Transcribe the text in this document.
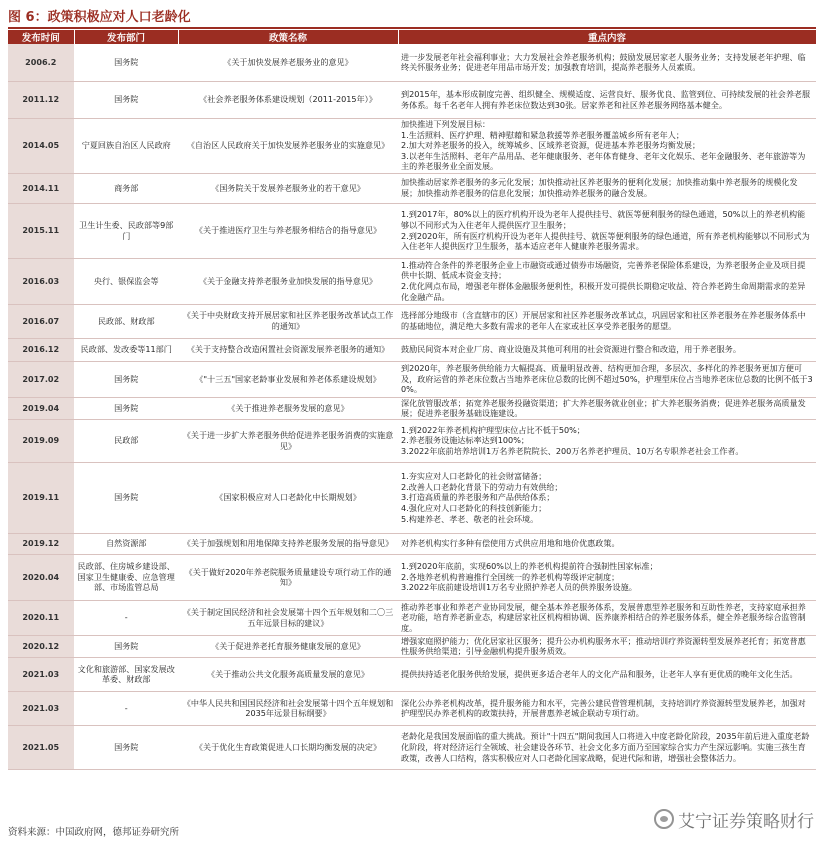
图 6：政策积极应对人口老龄化
发布时间	发布部门	政策名称	重点内容
2006.2	国务院	《关于加快发展养老服务业的意见》	进一步发展老年社会福利事业；大力发展社会养老服务机构；鼓励发展居家老人服务业务；支持发展老年护理、临终关怀服务业务；促进老年用品市场开发；加强教育培训，提高养老服务人员素质。

2011.12	国务院	《社会养老服务体系建设规划（2011-2015年）》	到2015年，基本形成制度完善、组织健全、规模适度、运营良好、服务优良、监管到位、可持续发展的社会养老服务体系。每千名老年人拥有养老床位数达到30张。居家养老和社区养老服务网络基本健全。

2014.05	宁夏回族自治区人民政府	《自治区人民政府关于加快发展养老服务业的实施意见》	加快推进下列发展目标：
1.生活照料、医疗护理、精神慰藉和紧急救援等养老服务覆盖城乡所有老年人；
2.加大对养老服务的投入，统筹城乡、区域养老资源，促进基本养老服务均衡发展；
3.以老年生活照料、老年产品用品、老年健康服务、老年体育健身、老年文化娱乐、老年金融服务、老年旅游等为主的养老服务业全面发展。

2014.11	商务部	《国务院关于发展养老服务业的若干意见》	加快推动居家养老服务的多元化发展；加快推动社区养老服务的便利化发展；加快推动集中养老服务的规模化发展；加快推动养老服务的信息化发展；加快推动养老服务的融合发展。

2015.11	卫生计生委、民政部等9部门	《关于推进医疗卫生与养老服务相结合的指导意见》	1.到2017年，80%以上的医疗机构开设为老年人提供挂号、就医等便利服务的绿色通道，50%以上的养老机构能够以不同形式为入住老年人提供医疗卫生服务；
2.到2020年，所有医疗机构开设为老年人提供挂号、就医等便利服务的绿色通道，所有养老机构能够以不同形式为入住老年人提供医疗卫生服务，基本适应老年人健康养老服务需求。

2016.03	央行、银保监会等	《关于金融支持养老服务业加快发展的指导意见》	1.推动符合条件的养老服务企业上市融资或通过债券市场融资，完善养老保险体系建设，为养老服务企业及项目提供中长期、低成本资金支持；
2.优化网点布局，增强老年群体金融服务便利性，积极开发可提供长期稳定收益、符合养老跨生命周期需求的差异化金融产品。

2016.07	民政部、财政部	《关于中央财政支持开展居家和社区养老服务改革试点工作的通知》	选择部分地级市（含直辖市的区）开展居家和社区养老服务改革试点，巩固居家和社区养老服务在养老服务体系中的基础地位，满足绝大多数有需求的老年人在家或社区享受养老服务的愿望。

2016.12	民政部、发改委等11部门	《关于支持整合改造闲置社会资源发展养老服务的通知》	鼓励民间资本对企业厂房、商业设施及其他可利用的社会资源进行整合和改造，用于养老服务。

2017.02	国务院	《"十三五"国家老龄事业发展和养老体系建设规划》	到2020年，养老服务供给能力大幅提高、质量明显改善、结构更加合理，多层次、多样化的养老服务更加方便可及，政府运营的养老床位数占当地养老床位总数的比例不超过50%，护理型床位占当地养老床位总数的比例不低于30%。

2019.04	国务院	《关于推进养老服务发展的意见》	深化放管服改革；拓宽养老服务投融资渠道；扩大养老服务就业创业；扩大养老服务消费；促进养老服务高质量发展；促进养老服务基础设施建设。

2019.09	民政部	《关于进一步扩大养老服务供给促进养老服务消费的实施意见》	1.到2022年养老机构护理型床位占比不低于50%；
2.养老服务设施达标率达到100%；
3.2022年底前培养培训1万名养老院院长、200万名养老护理员、10万名专职养老社会工作者。

2019.11	国务院	《国家积极应对人口老龄化中长期规划》	1.夯实应对人口老龄化的社会财富储备；
2.改善人口老龄化背景下的劳动力有效供给；
3.打造高质量的养老服务和产品供给体系；
4.强化应对人口老龄化的科技创新能力；
5.构建养老、孝老、敬老的社会环境。

2019.12	自然资源部	《关于加强规划和用地保障支持养老服务发展的指导意见》	对养老机构实行多种有偿使用方式供应用地和地价优惠政策。

2020.04	民政部、住房城乡建设部、国家卫生健康委、应急管理部、市场监管总局	《关于做好2020年养老院服务质量建设专项行动工作的通知》	1.到2020年底前，实现60%以上的养老机构提前符合强制性国家标准；
2.各地养老机构普遍推行全国统一的养老机构等级评定制度；
3.2022年底前建设培训1万名专业照护养老人员的供养服务设施。

2020.11	-	《关于制定国民经济和社会发展第十四个五年规划和二〇三五年远景目标的建议》	推动养老事业和养老产业协同发展，健全基本养老服务体系，发展普惠型养老服务和互助性养老，支持家庭承担养老功能，培育养老新业态，构建居家社区机构相协调、医养康养相结合的养老服务体系，健全养老服务综合监管制度。

2020.12	国务院	《关于促进养老托育服务健康发展的意见》	增强家庭照护能力；优化居家社区服务；提升公办机构服务水平；推动培训疗养资源转型发展养老托育；拓宽普惠性服务供给渠道；引导金融机构提升服务质效。

2021.03	文化和旅游部、国家发展改革委、财政部	《关于推动公共文化服务高质量发展的意见》	提供扶持适老化服务供给发展，提供更多适合老年人的文化产品和服务，让老年人享有更优质的晚年文化生活。

2021.03	-	《中华人民共和国国民经济和社会发展第十四个五年规划和2035年远景目标纲要》	深化公办养老机构改革，提升服务能力和水平，完善公建民营管理机制，支持培训疗养资源转型发展养老，加强对护理型民办养老机构的政策扶持，开展普惠养老城企联动专项行动。

2021.05	国务院	《关于优化生育政策促进人口长期均衡发展的决定》	老龄化是我国发展面临的重大挑战。预计"十四五"期间我国人口将进入中度老龄化阶段，2035年前后进入重度老龄化阶段，将对经济运行全领域、社会建设各环节、社会文化多方面乃至国家综合实力产生深远影响。实施三孩生育政策，改善人口结构，落实积极应对人口老龄化国家战略，促进代际和谐，增强社会整体活力。
资料来源：中国政府网，德邦证券研究所
艾宁证券策略财行
